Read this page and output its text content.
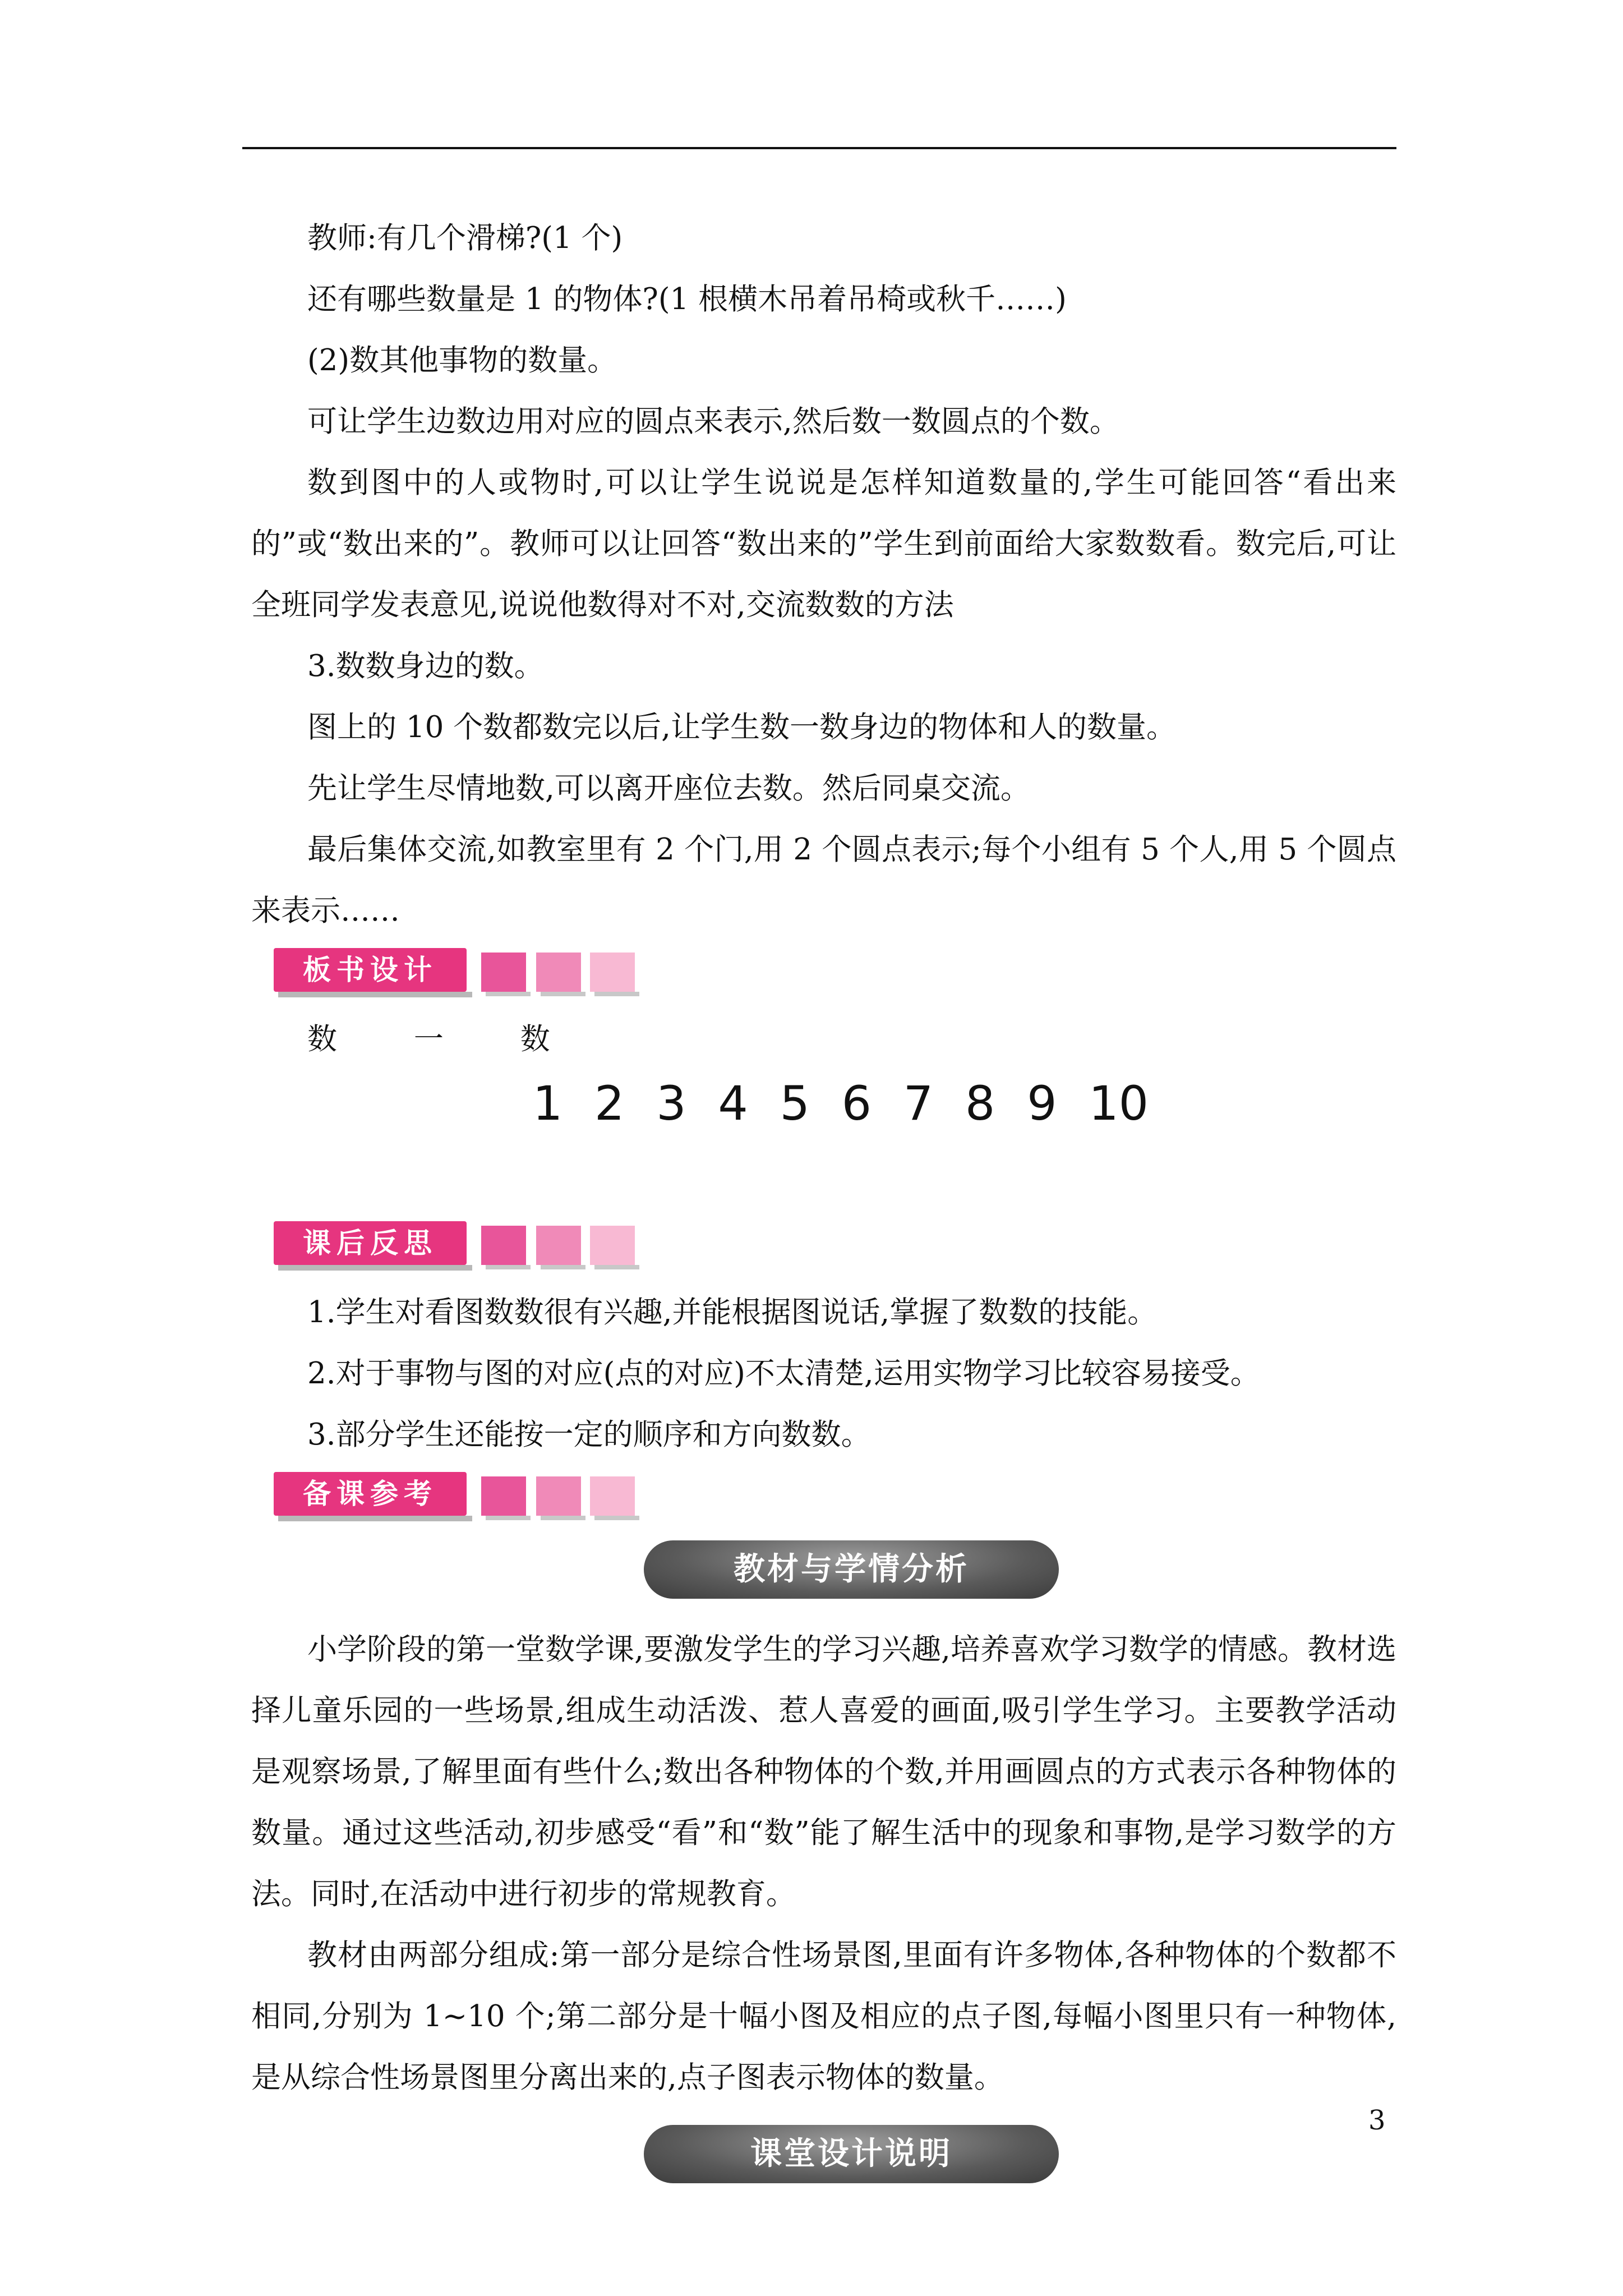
教师:有几个滑梯?(1 个)

还有哪些数量是 1 的物体?(1 根横木吊着吊椅或秋千……)

(2)数其他事物的数量。

可让学生边数边用对应的圆点来表示,然后数一数圆点的个数。

数到图中的人或物时,可以让学生说说是怎样知道数量的,学生可能回答“看出来的”或“数出来的”。教师可以让回答“数出来的”学生到前面给大家数数看。数完后,可让全班同学发表意见,说说他数得对不对,交流数数的方法

3.数数身边的数。

图上的 10 个数都数完以后,让学生数一数身边的物体和人的数量。

先让学生尽情地数,可以离开座位去数。然后同桌交流。

最后集体交流,如教室里有 2 个门,用 2 个圆点表示;每个小组有 5 个人,用 5 个圆点来表示……

板书设计

数 一 数

1 2 3 4 5 6 7 8 9 10

课后反思

1.学生对看图数数很有兴趣,并能根据图说话,掌握了数数的技能。

2.对于事物与图的对应(点的对应)不太清楚,运用实物学习比较容易接受。

3.部分学生还能按一定的顺序和方向数数。

备课参考
教材与学情分析

小学阶段的第一堂数学课,要激发学生的学习兴趣,培养喜欢学习数学的情感。教材选择儿童乐园的一些场景,组成生动活泼、惹人喜爱的画面,吸引学生学习。主要教学活动是观察场景,了解里面有些什么;数出各种物体的个数,并用画圆点的方式表示各种物体的数量。通过这些活动,初步感受“看”和“数”能了解生活中的现象和事物,是学习数学的方法。同时,在活动中进行初步的常规教育。

教材由两部分组成:第一部分是综合性场景图,里面有许多物体,各种物体的个数都不相同,分别为 1~10 个;第二部分是十幅小图及相应的点子图,每幅小图里只有一种物体,是从综合性场景图里分离出来的,点子图表示物体的数量。

课堂设计说明
3
